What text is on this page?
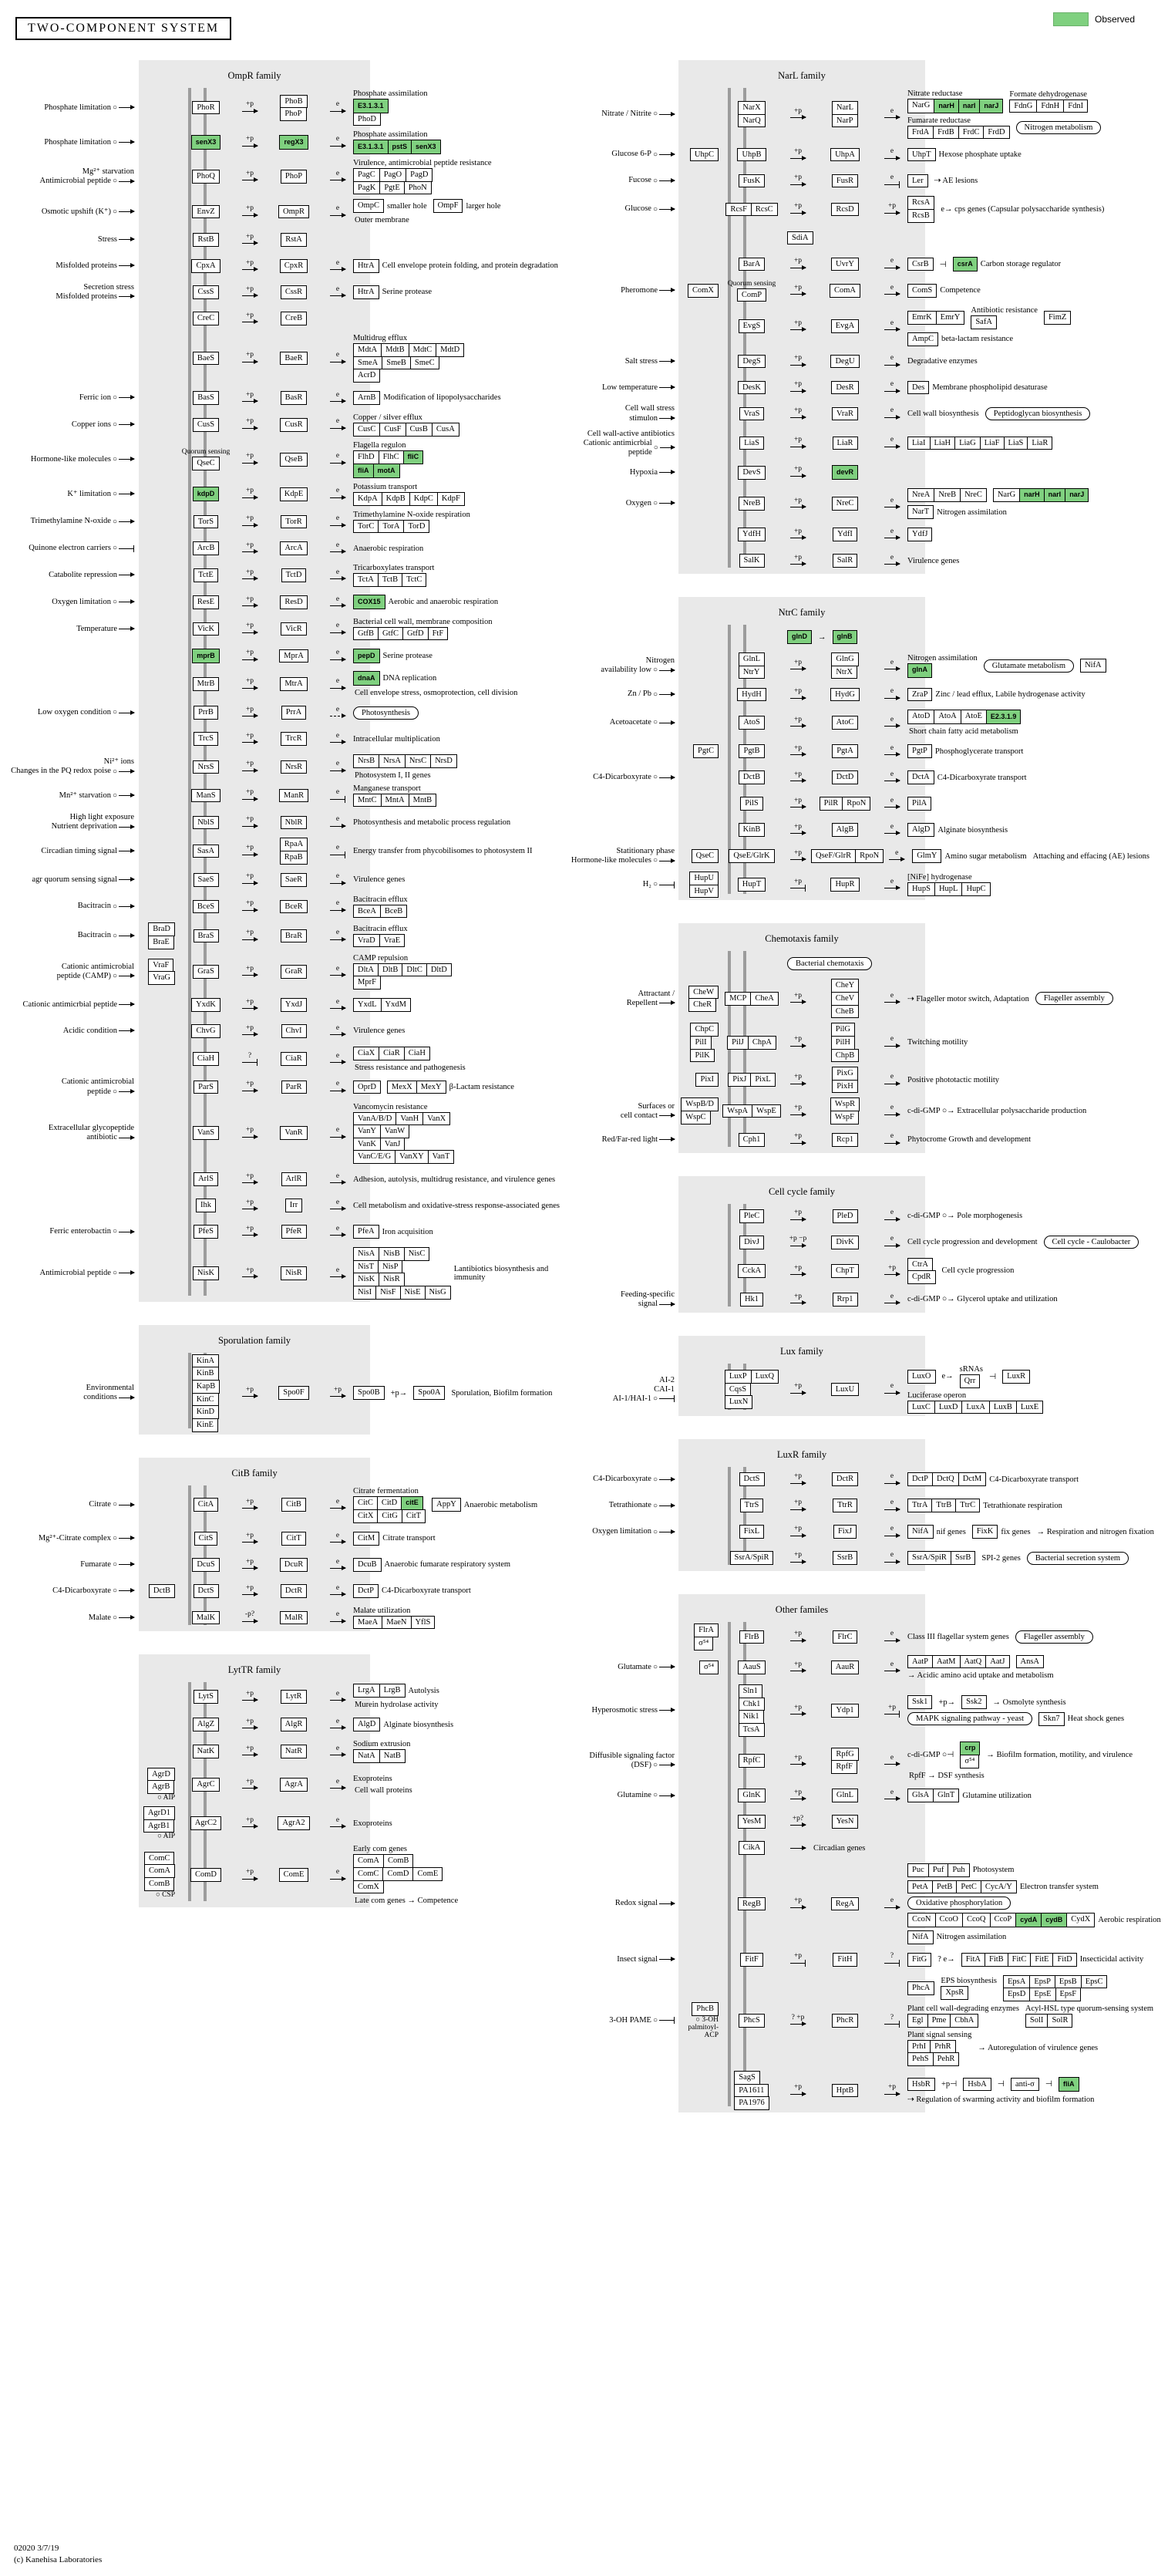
TWO-COMPONENT SYSTEM
Observed
OmpR family
Phosphate limitation ○	PhoR	+p	PhoB
PhoP
e
Phosphate assimilation
E3.1.3.1
PhoD
Phosphate limitation ○	senX3	+p	regX3	e
Phosphate assimilation
E3.1.3.1	pstS	senX3
Mg²⁺ starvation
Antimicrobial peptide ○
PhoQ	+p	PhoP	e
Virulence, antimicrobial peptide resistance
PagC	PagO	PagD
PagK	PgtE	PhoN
Osmotic upshift (K⁺) ○	EnvZ	+p	OmpR	e	OmpC smaller hole	OmpF larger hole
Outer membrane
Stress	RstB	+p	RstA
Misfolded proteins	CpxA	+p	CpxR	e	HtrA Cell envelope protein folding, and protein degradation
Secretion stress
Misfolded proteins
CssS	+p	CssR	e	HtrA Serine protease
CreC	+p	CreB
BaeS	+p	BaeR	e
Multidrug efflux
MdtA	MdtB	MdtC	MdtD
SmeA	SmeB	SmeC
AcrD
Ferric ion ○	BasS	+p	BasR	e	ArnB Modification of lipopolysaccharides
Copper ions ○	CusS	+p	CusR	e Copper / silver efflux
CusC	CusF	CusB	CusA
Hormone-like molecules ○
Quorum sensing
QseC
+p	QseB	e
Flagella regulon
FlhD	FlhC	fliC
fliA	motA
K⁺ limitation ○	kdpD	+p	KdpE	e Potassium transport
KdpA	KdpB	KdpC	KdpF
Trimethylamine N-oxide ○	TorS	+p	TorR	e Trimethylamine N-oxide respiration
TorC	TorA	TorD
Quinone electron carriers ○	ArcB	+p	ArcA	e Anaerobic respiration
Catabolite repression	TctE	+p	TctD	e Tricarboxylates transport
TctA	TctB	TctC
Oxygen limitation ○	ResE	+p	ResD	e	COX15 Aerobic and anaerobic respiration
Temperature	VicK	+p	VicR	e Bacterial cell wall, membrane composition
GtfB	GtfC	GtfD	FtF
mprB	+p	MprA	e	pepD Serine protease
MtrB	+p	MtrA	e	dnaA DNA replication
Cell envelope stress, osmoprotection, cell division
Low oxygen condition ○	PrrB	+p	PrrA	e	Photosynthesis
TrcS	+p	TrcR	e Intracellular multiplication
Ni²⁺ ions
Changes in the PQ redox poise ○
NrsS	+p	NrsR	e	NrsB	NrsA	NrsC	NrsD
Photosystem I, II genes
Mn²⁺ starvation ○	ManS	+p	ManR	e Manganese transport
MntC	MntA	MntB
High light exposure
Nutrient deprivation
NblS	+p	NblR	e Photosynthesis and metabolic process regulation
Circadian timing signal	SasA	+p	RpaA
RpaB
e Energy transfer from phycobilisomes to photosystem II
agr quorum sensing signal	SaeS	+p	SaeR	e Virulence genes
Bacitracin ○	BceS	+p	BceR	e Bacitracin efflux
BceA	BceB
Bacitracin ○
BraD
BraE
BraS	+p	BraR	e Bacitracin efflux
VraD	VraE
Cationic antimicrobial
peptide (CAMP) ○
VraF
VraG
GraS	+p	GraR	e
CAMP repulsion
DltA	DltB	DltC	DltD
MprF
Cationic antimicrbial peptide	YxdK	+p	YxdJ	e	YxdL	YxdM
Acidic condition	ChvG	+p	ChvI	e Virulence genes
CiaH	?	CiaR	e	CiaX	CiaR	CiaH
Stress resistance and pathogenesis
Cationic antimicrobial
peptide ○
ParS	+p	ParR	e	OprD	MexX	MexY β-Lactam resistance
Extracellular glycopeptide
antibiotic
VanS	+p	VanR	e
Vancomycin resistance
VanA/B/D	VanH	VanX
VanY	VanW
VanK	VanJ
VanC/E/G	VanXY	VanT
ArlS	+p	ArlR	e Adhesion, autolysis, multidrug resistance, and virulence genes
Ihk	+p	Irr	e Cell metabolism and oxidative-stress response-associated genes
Ferric enterobactin ○	PfeS	+p	PfeR	e	PfeA Iron acquisition
Antimicrobial peptide ○	NisK	+p	NisR	e
NisA	NisB	NisC
NisT	NisP
NisK	NisR
NisI	NisF	NisE	NisG
Lantibiotics biosynthesis and immunity
Sporulation family
Environmental
conditions
KinA
KinB
KapB
KinC
KinD
KinE
+p	Spo0F	+p	Spo0B	+p→	Spo0A	Sporulation, Biofilm formation
CitB family
Citrate ○	CitA	+p	CitB	e
Citrate fermentation
CitC	CitD	citE
CitX	CitG	CitT
AppY Anaerobic metabolism
Mg²⁺-Citrate complex ○	CitS	+p	CitT	e	CitM Citrate transport
Fumarate ○	DcuS	+p	DcuR	e	DcuB Anaerobic fumarate respiratory system
C4-Dicarboxyrate ○	DctB	DctS	+p	DctR	e	DctP C4-Dicarboxyrate transport
Malate ○	MalK	-p?	MalR	e Malate utilization
MaeA	MaeN	YflS
LytTR family
LytS	+p	LytR	e	LrgA	LrgB Autolysis
Murein hydrolase activity
AlgZ	+p	AlgR	e	AlgD Alginate biosynthesis
NatK	+p	NatR	e Sodium extrusion
NatA	NatB
AgrD
AgrB
○ AIP
AgrC	+p	AgrA	e Exoproteins
Cell wall proteins
AgrD1
AgrB1
○ AIP
AgrC2	+p	AgrA2	e Exoproteins
ComC
ComA
ComB
○ CSP
ComD	+p	ComE	e
Early com genes
ComA	ComB
ComC	ComD	ComE
ComX
Late com genes → Competence
NarL family
Nitrate / Nitrite ○
NarX
NarQ
+p	NarL
NarP
e
Nitrate reductase
NarG	narH	narI	narJ
Formate dehydrogenase
FdnG	FdnH	FdnI
Fumarate reductase
FrdA	FrdB	FrdC	FrdD
Nitrogen metabolism
Glucose 6-P ○	UhpC	UhpB	+p	UhpA	e	UhpT Hexose phosphate uptake
Fucose ○	FusK	+p	FusR	e	Ler	⇢ AE lesions
Glucose ○	RcsF	RcsC	+p	RcsD	+p	RcsA
RcsB
e→ cps genes (Capsular polysaccharide synthesis)
SdiA
BarA	+p	UvrY	e	CsrB	⊣	csrA Carbon storage regulator
Pheromone	ComX
Quorum sensing
ComP
+p	ComA	e	ComS Competence
EvgS	+p	EvgA	e
EmrK	EmrY
Antibiotic resistance
SafA
FimZ
AmpC beta-lactam resistance
Salt stress	DegS	+p	DegU	e Degradative enzymes
Low temperature	DesK	+p	DesR	e	Des Membrane phospholipid desaturase
Cell wall stress
stimulon
VraS	+p	VraR	e Cell wall biosynthesis	Peptidoglycan biosynthesis
Cell wall-active antibiotics
Cationic antimicrbial peptide
○
LiaS	+p	LiaR	e	LiaI	LiaH	LiaG	LiaF	LiaS	LiaR
Hypoxia	DevS	+p	devR
Oxygen ○	NreB	+p	NreC	e
NreA	NreB	NreC	NarG	narH	narI	narJ
NarT Nitrogen assimilation
YdfH	+p	YdfI	e	YdfJ
SalK	+p	SalR	e Virulence genes
NtrC family
glnD	→	glnB
Nitrogen
availability low ○
GlnL
NtrY
+p	GlnG
NtrX
e
Nitrogen assimilation
glnA	Glutamate metabolism	NifA
Zn / Pb ○	HydH	+p	HydG	e	ZraP Zinc / lead efflux, Labile hydrogenase activity
Acetoacetate ○	AtoS	+p	AtoC	e	AtoD	AtoA	AtoE	E2.3.1.9
Short chain fatty acid metabolism
PgtC	PgtB	+p	PgtA	e	PgtP Phosphoglycerate transport
C4-Dicarboxyrate ○	DctB	+p	DctD	e	DctA C4-Dicarboxyrate transport
PilS	+p	PilR	RpoN	e	PilA
KinB	+p	AlgB	e	AlgD Alginate biosynthesis
Statitionary phase
Hormone-like molecules ○
QseC	QseE/GlrK	+p	QseF/GlrR	RpoN	e	GlmY Amino sugar metabolism Attaching and effacing (AE) lesions
H₂ ○
HupU
HupV
HupT	+p	HupR	e [NiFe] hydrogenase
HupS	HupL	HupC
Chemotaxis family
Bacterial chemotaxis
Attractant /
Repellent
CheW
CheR
MCP	CheA	+p
CheY
CheV
CheB
e ⇢ Flageller motor switch, Adaptation	Flageller assembly
ChpC
PilI
PilK
PilJ	ChpA	+p
PilG
PilH
ChpB
e Twitching motility
PixI	PixJ	PixL	+p	PixG
PixH
e Positive phototactic motility
Surfaces or
cell contact
WspB/D
WspC
WspA	WspE	+p	WspR
WspF
e c-di-GMP ○→ Extracellular polysaccharide production
Red/Far-red light	Cph1	+p	Rcp1	e Phytocrome Growth and development
Cell cycle family
PleC	+p	PleD	e c-di-GMP ○→ Pole morphogenesis
DivJ	+p −p	DivK	e Cell cycle progression and development	Cell cycle - Caulobacter
CckA	+p	ChpT	+p	CtrA
CpdR
Cell cycle progression
Feeding-specific
signal
Hk1	+p	Rrp1	e c-di-GMP ○→ Glycerol uptake and utilization
Lux family
AI-2
CAI-1
AI-1/HAI-1 ○
LuxP	LuxQ
CqsS
LuxN
+p	LuxU	e
LuxO	e→
sRNAs
Qrr	⊣	LuxR
Luciferase operon
LuxC	LuxD	LuxA	LuxB	LuxE
LuxR family
C4-Dicarboxyrate ○	DctS	+p	DctR	e	DctP	DctQ	DctM C4-Dicarboxyrate transport
Tetrathionate ○	TtrS	+p	TtrR	e	TtrA	TtrB	TtrC Tetrathionate respiration
Oxygen limitation ○	FixL	+p	FixJ	e	NifA nif genes	FixK fix genes → Respiration and nitrogen fixation
SsrA/SpiR	+p	SsrB	e	SsrA/SpiR	SsrB	SPI-2 genes	Bacterial secretion system
Other familes
FlrA
σ⁵⁴
FlrB	+p	FlrC	e Class III flagellar system genes	Flageller assembly
Glutamate ○	σ⁵⁴	AauS	+p	AauR	e	AatP	AatM	AatQ	AatJ	AnsA
→ Acidic amino acid uptake and metabolism
Hyperosmotic stress
Sln1
Chk1
Nik1
TcsA
+p	Ydp1	+p
Ssk1	+p→	Ssk2	→ Osmolyte synthesis
MAPK signaling pathway - yeast	Skn7 Heat shock genes
Diffusible signaling factor
(DSF) ○
RpfC	+p	RpfG
RpfF
e c-di-GMP ○⊣
crp
σ⁵⁴
→ Biofilm formation, motility, and virulence
RpfF → DSF synthesis
Glutamine ○	GlnK	+p	GlnL	e	GlsA	GlnT Glutamine utilization
YesM	+p?	YesN
CikA	Circadian genes
Redox signal	RegB	+p	RegA	e
Puc	Puf	Puh Photosystem
PetA	PetB	PetC	CycA/Y Electron transfer system
Oxidative phosphorylation
CcoN	CcoO	CcoQ	CcoP	cydA	cydB	CydX Aerobic respiration
NifA Nitrogen assimilation
Insect signal	FitF	+p	FitH	?	FitG	? e→	FitA	FitB	FitC	FitE	FitD Insecticidal activity
3-OH PAME ○
PhcB
○ 3-OH palmitoyl-ACP
PhcS	? +p	PhcR	?
PhcA
EPS biosynthesis
XpsR
EpsA	EpsP	EpsB	EpsC
EpsD	EpsE	EpsF
Plant cell wall-degrading enzymes
Egl	Pme	CbhA
Acyl-HSL type quorum-sensing system
SolI	SolR
Plant signal sensing
PrhI	PrhR
PehS	PehR
→ Autoregulation of virulence genes
SagS
PA1611
PA1976
+p	HptB	+p	HsbR	+p⊣	HsbA	⊣	anti-σ	⊣	fliA
⇢ Regulation of swarming activity and biofilm formation
02020 3/7/19
(c) Kanehisa Laboratories
